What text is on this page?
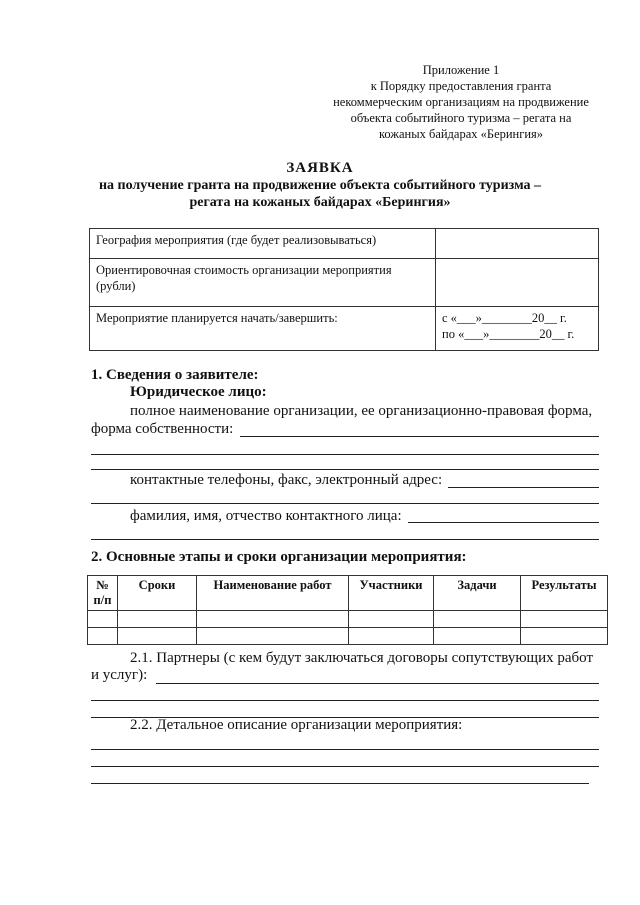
Приложение 1
к Порядку предоставления гранта
некоммерческим организациям на продвижение
объекта событийного туризма – регата на
кожаных байдарах «Берингия»
ЗАЯВКА
на получение гранта на продвижение объекта событийного туризма –
регата на кожаных байдарах «Берингия»
География мероприятия (где будет реализовываться)	
Ориентировочная стоимость организации мероприятия (рубли)	
Мероприятие планируется начать/завершить:	с «___»________20__ г.
по «___»________20__ г.
1. Сведения о заявителе:
Юридическое лицо:
полное наименование организации, ее организационно-правовая форма,
форма собственности:
контактные телефоны, факс, электронный адрес:
фамилия, имя, отчество контактного лица:
2. Основные этапы и сроки организации мероприятия:
№ п/п	Сроки	Наименование работ	Участники	Задачи	Результаты

2.1. Партнеры (с кем будут заключаться договоры сопутствующих работ
и услуг):
2.2. Детальное описание организации мероприятия:
